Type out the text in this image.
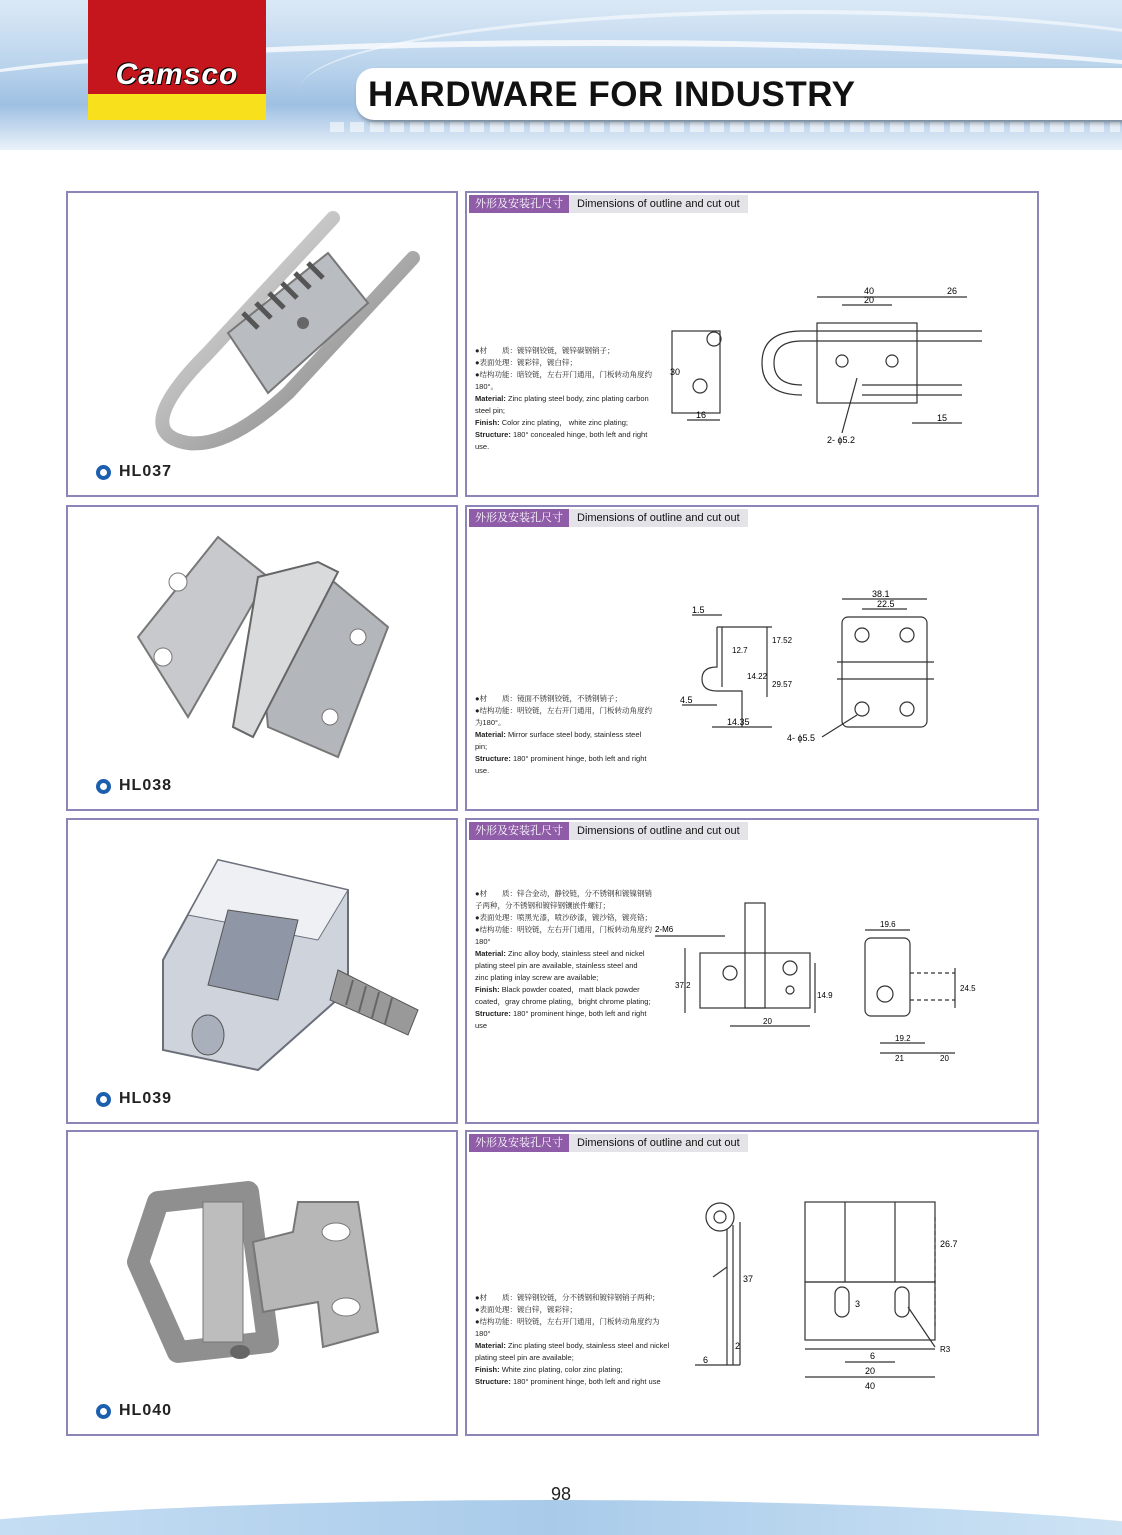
Camsco
HARDWARE FOR INDUSTRY
HL037
外形及安装孔尺寸	Dimensions of outline and cut out

●材　　质：镀锌钢铰链，镀锌碳钢销子；

●表面处理：镀彩锌，镀白锌；

●结构功能：暗铰链，左右开门通用，门板转动角度约180°。

Material: Zinc plating steel body, zinc plating carbon steel pin;

Finish: Color zinc plating， white zinc plating;

Structure: 180° concealed hinge, both left and right use.

40
20
26
30
16	15
2- ϕ5.2
HL038
外形及安装孔尺寸	Dimensions of outline and cut out

●材　　质：镜面不锈钢铰链，不锈钢销子；

●结构功能：明铰链，左右开门通用，门板转动角度约为180°。

Material: Mirror surface steel body, stainless steel pin;

Structure: 180° prominent hinge, both left and right use.

38.1
22.5
1.5
17.52
12.7
4.5
14.35
4- ϕ5.5
29.57
14.22
HL039
外形及安装孔尺寸	Dimensions of outline and cut out

●材　　质：锌合金动，静铰链，分不锈钢和镀镍钢销子两种，分不锈钢和镀锌钢镶嵌件螺钉；

●表面处理：喷黑光漆，喷沙砂漆，镀沙铬，镀亮铬；

●结构功能：明铰链，左右开门通用，门板转动角度约180°

Material: Zinc alloy body, stainless steel and nickel plating steel pin are available, stainless steel and zinc plating inlay screw are available;

Finish: Black powder coated，matt black powder coated，gray chrome plating，bright chrome plating;

Structure: 180° prominent hinge, both left and right use

2-M6
19.6
20
19.2
21	20
14.9
37.2	24.5
HL040
外形及安装孔尺寸	Dimensions of outline and cut out

●材　　质：镀锌钢铰链，分不锈钢和镀锌钢销子两种；

●表面处理：镀白锌，镀彩锌；

●结构功能：明铰链，左右开门通用，门板转动角度约为180°

Material: Zinc plating steel body, stainless steel and nickel plating steel pin are available;

Finish: White zinc plating, color zinc plating;

Structure: 180° prominent hinge, both left and right use

37
2
6
26.7
3
6
20
40
R3
98
